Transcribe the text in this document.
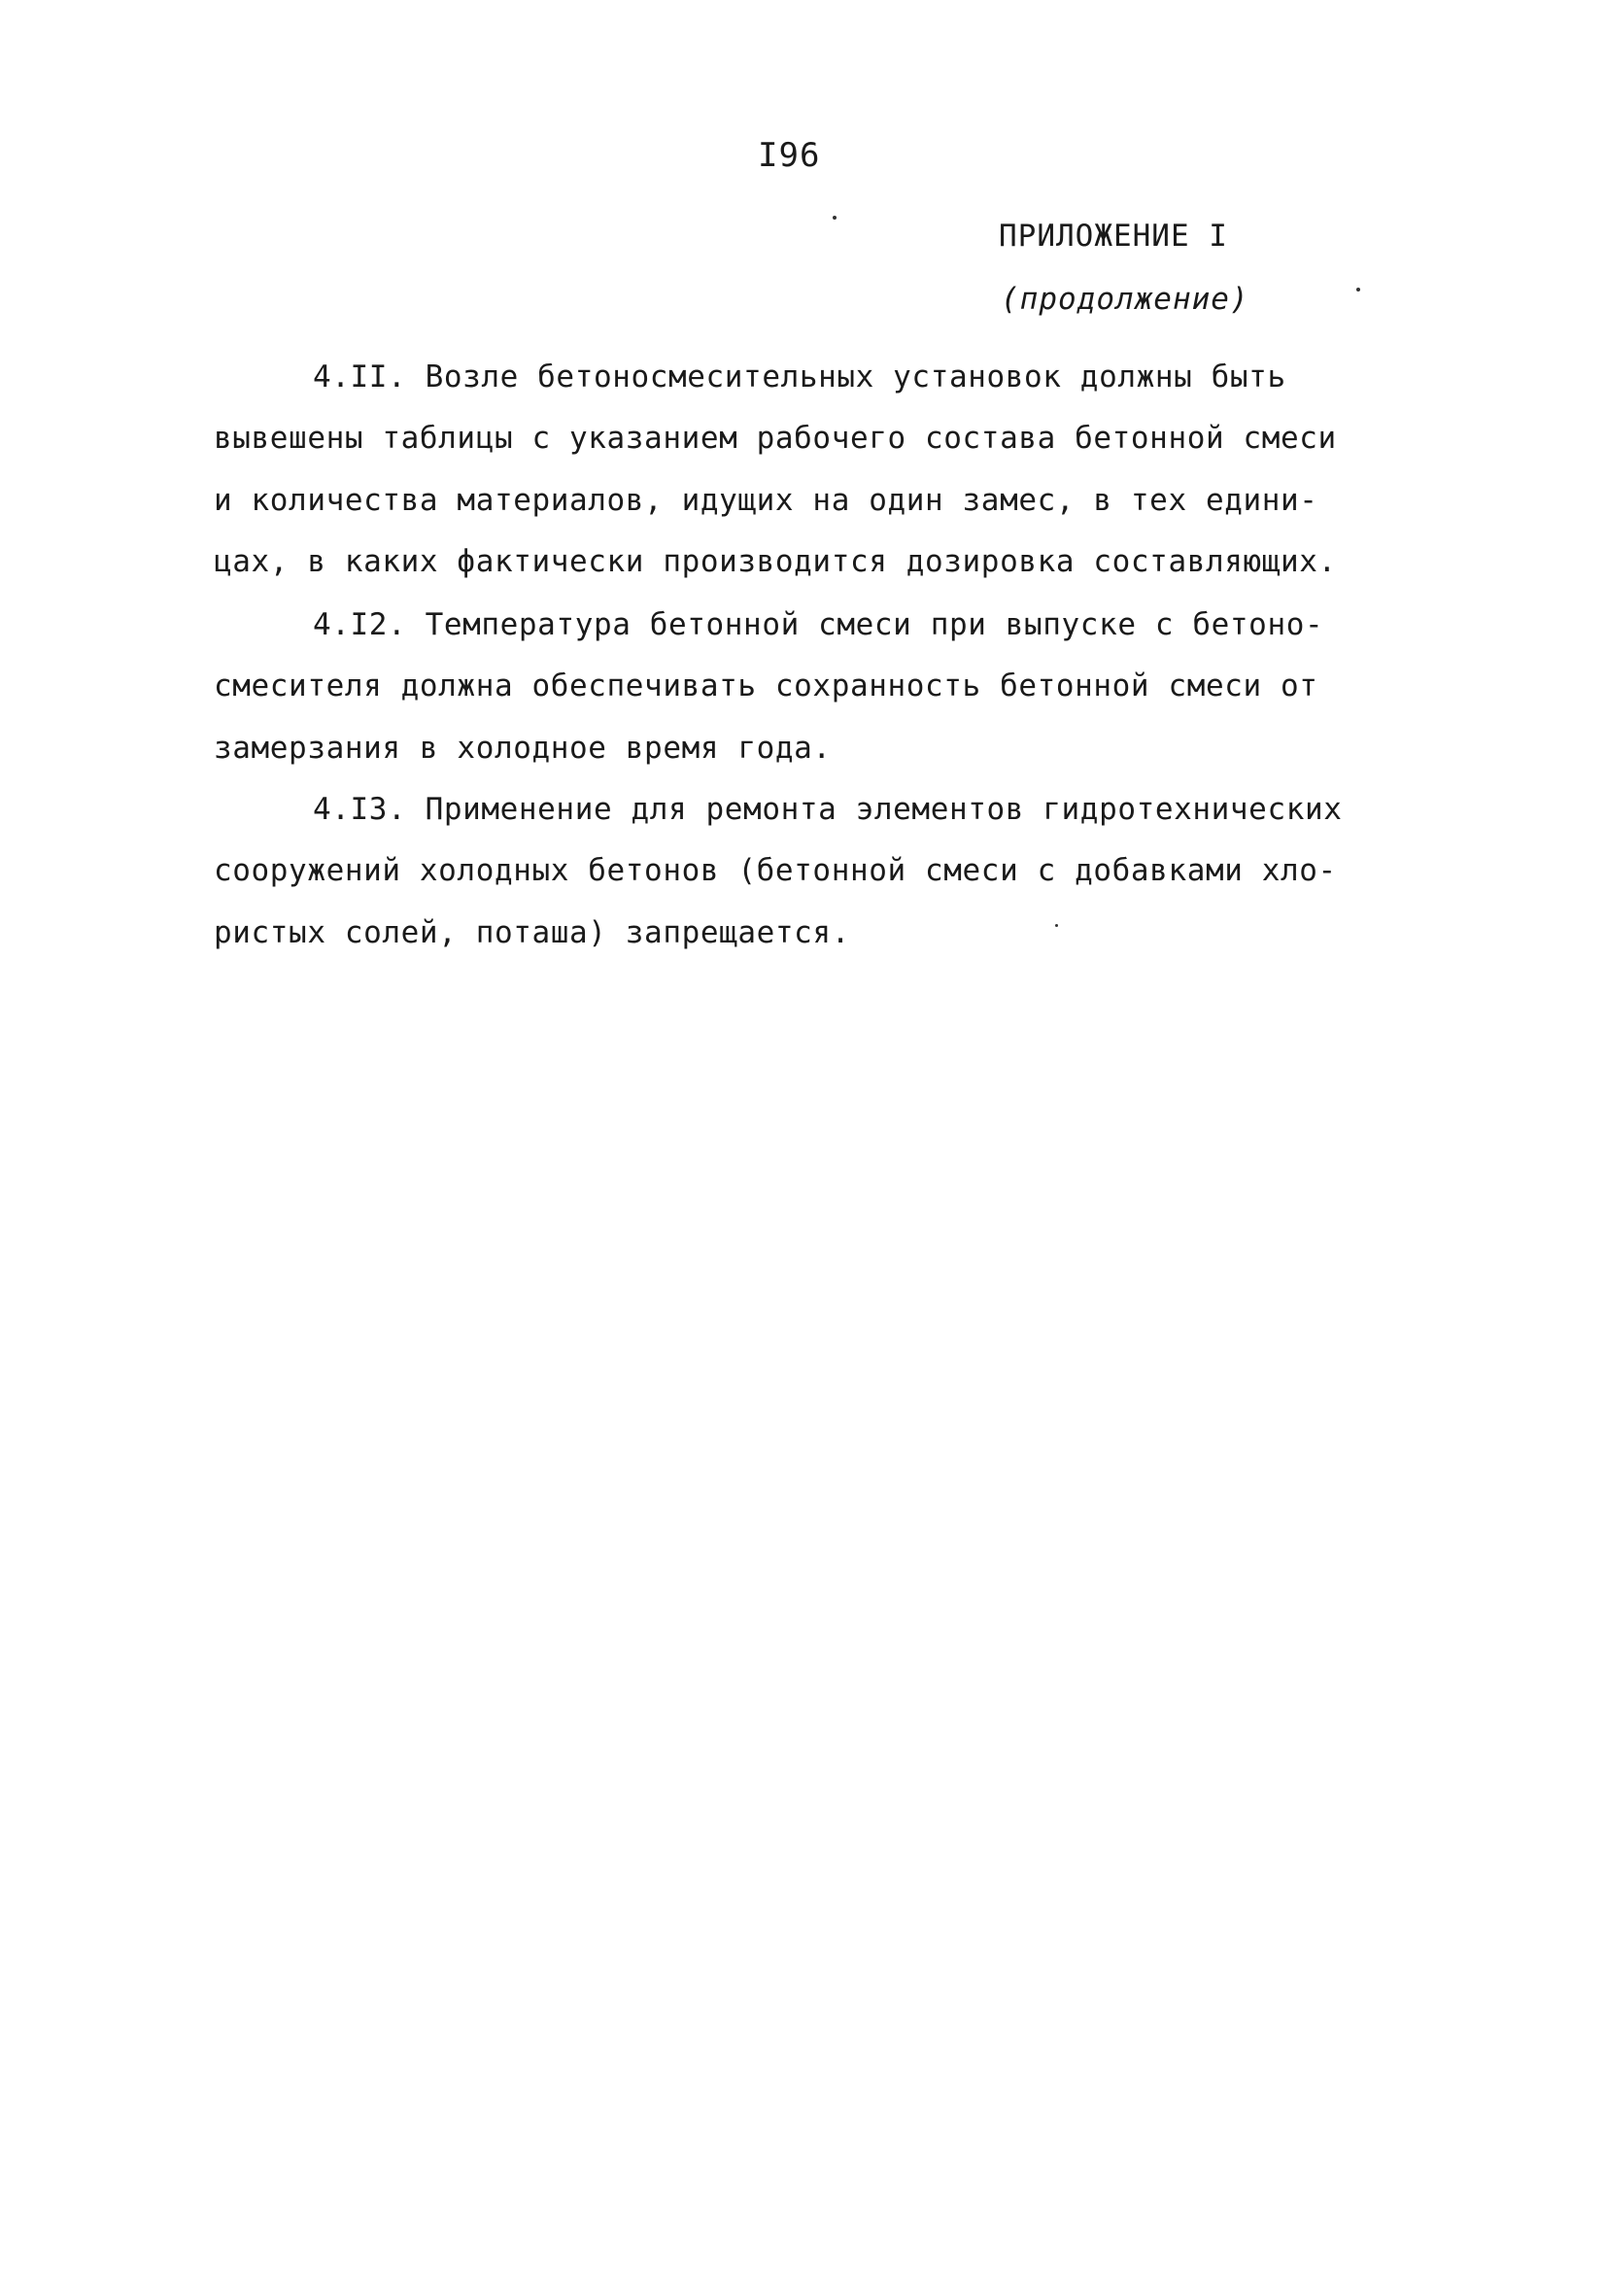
I96
ПРИЛОЖЕНИЕ I
(продолжение)
4.II. Возле бетоносмесительных установок должны быть
вывешены таблицы с указанием рабочего состава бетонной смеси
и количества материалов, идущих на один замес, в тех едини-
цах, в каких фактически производится дозировка составляющих.
4.I2. Температура бетонной смеси при выпуске с бетоно-
смесителя должна обеспечивать сохранность бетонной смеси от
замерзания в холодное время года.
4.I3. Применение для ремонта элементов гидротехнических
сооружений холодных бетонов (бетонной смеси с добавками хло-
ристых солей, поташа) запрещается.
